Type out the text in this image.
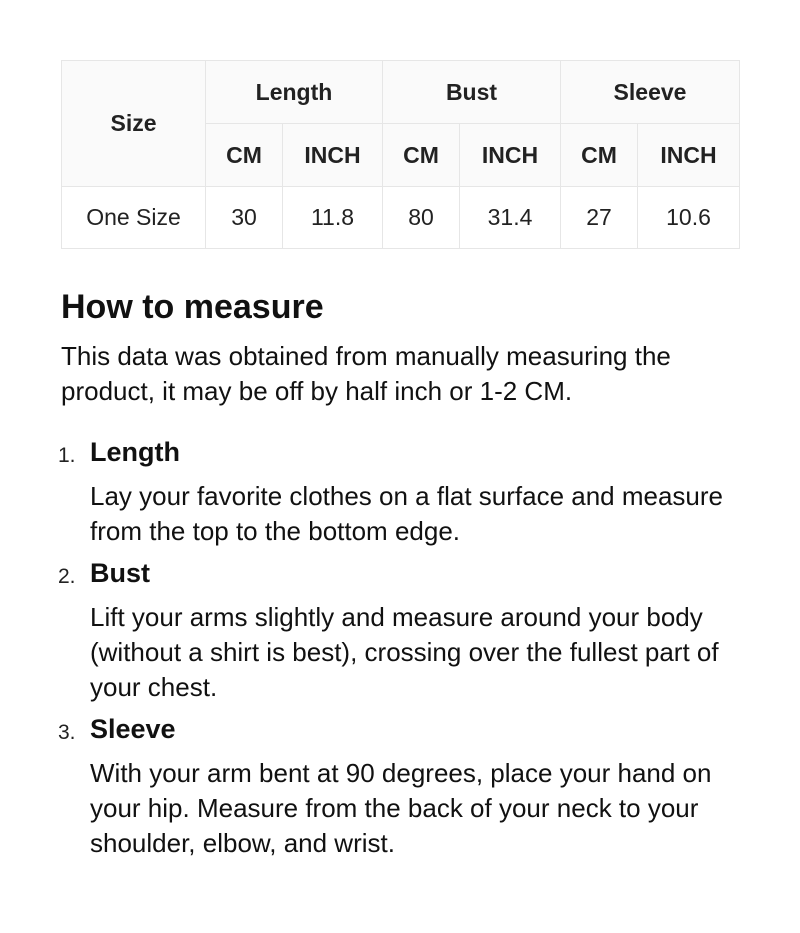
Size	Length		Bust		Sleeve	
	CM	INCH	CM	INCH	CM	INCH
One Size	30	11.8	80	31.4	27	10.6
How to measure

This data was obtained from manually measuring the product, it may be off by half inch or 1-2 CM.

1. Length
Lay your favorite clothes on a flat surface and measure from the top to the bottom edge.
2. Bust
Lift your arms slightly and measure around your body (without a shirt is best), crossing over the fullest part of your chest.
3. Sleeve
With your arm bent at 90 degrees, place your hand on your hip. Measure from the back of your neck to your shoulder, elbow, and wrist.
